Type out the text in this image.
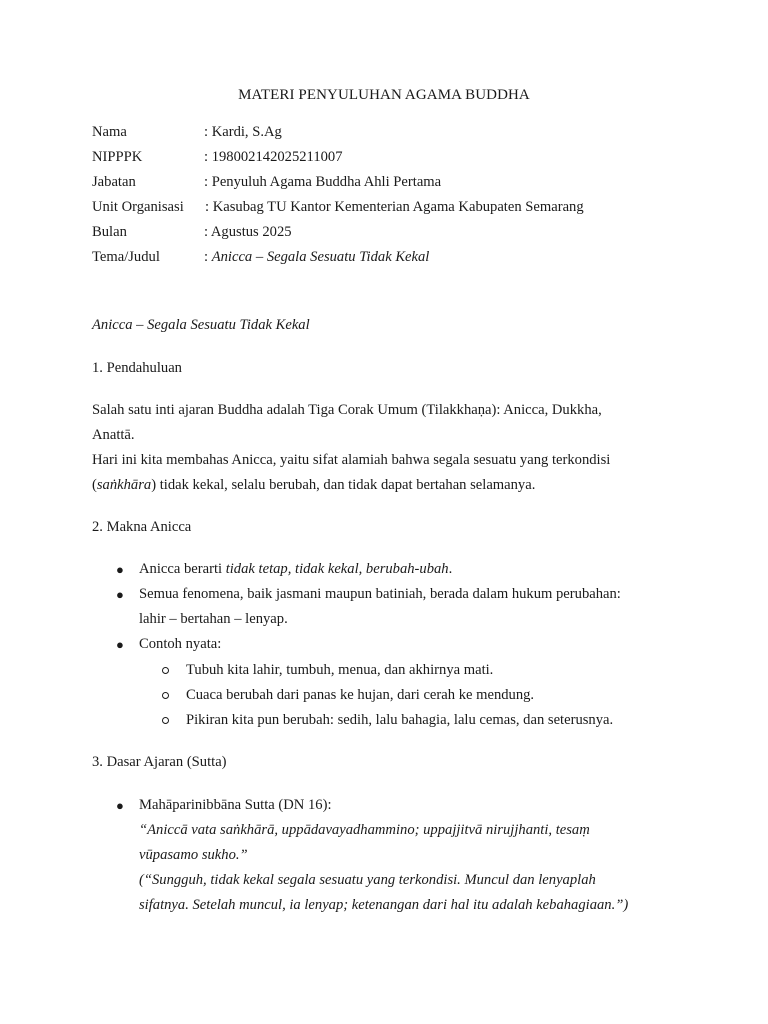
MATERI PENYULUHAN AGAMA BUDDHA
Nama	: Kardi, S.Ag
NIPPPK	: 198002142025211007
Jabatan	: Penyuluh Agama Buddha Ahli Pertama
Unit Organisasi : Kasubag TU Kantor Kementerian Agama Kabupaten Semarang
Bulan	: Agustus 2025
Tema/Judul	: Anicca – Segala Sesuatu Tidak Kekal
Anicca – Segala Sesuatu Tidak Kekal
1. Pendahuluan
Salah satu inti ajaran Buddha adalah Tiga Corak Umum (Tilakkhaṇa): Anicca, Dukkha,
Anattā.
Hari ini kita membahas Anicca, yaitu sifat alamiah bahwa segala sesuatu yang terkondisi
(saṅkhāra) tidak kekal, selalu berubah, dan tidak dapat bertahan selamanya.
2. Makna Anicca
● Anicca berarti tidak tetap, tidak kekal, berubah-ubah.
● Semua fenomena, baik jasmani maupun batiniah, berada dalam hukum perubahan:
lahir – bertahan – lenyap.
● Contoh nyata:
Tubuh kita lahir, tumbuh, menua, dan akhirnya mati.
Cuaca berubah dari panas ke hujan, dari cerah ke mendung.
Pikiran kita pun berubah: sedih, lalu bahagia, lalu cemas, dan seterusnya.
3. Dasar Ajaran (Sutta)
● Mahāparinibbāna Sutta (DN 16):
“Aniccā vata saṅkhārā, uppādavayadhammino; uppajjitvā nirujjhanti, tesaṃ
vūpasamo sukho.”
(“Sungguh, tidak kekal segala sesuatu yang terkondisi. Muncul dan lenyaplah
sifatnya. Setelah muncul, ia lenyap; ketenangan dari hal itu adalah kebahagiaan.”)
